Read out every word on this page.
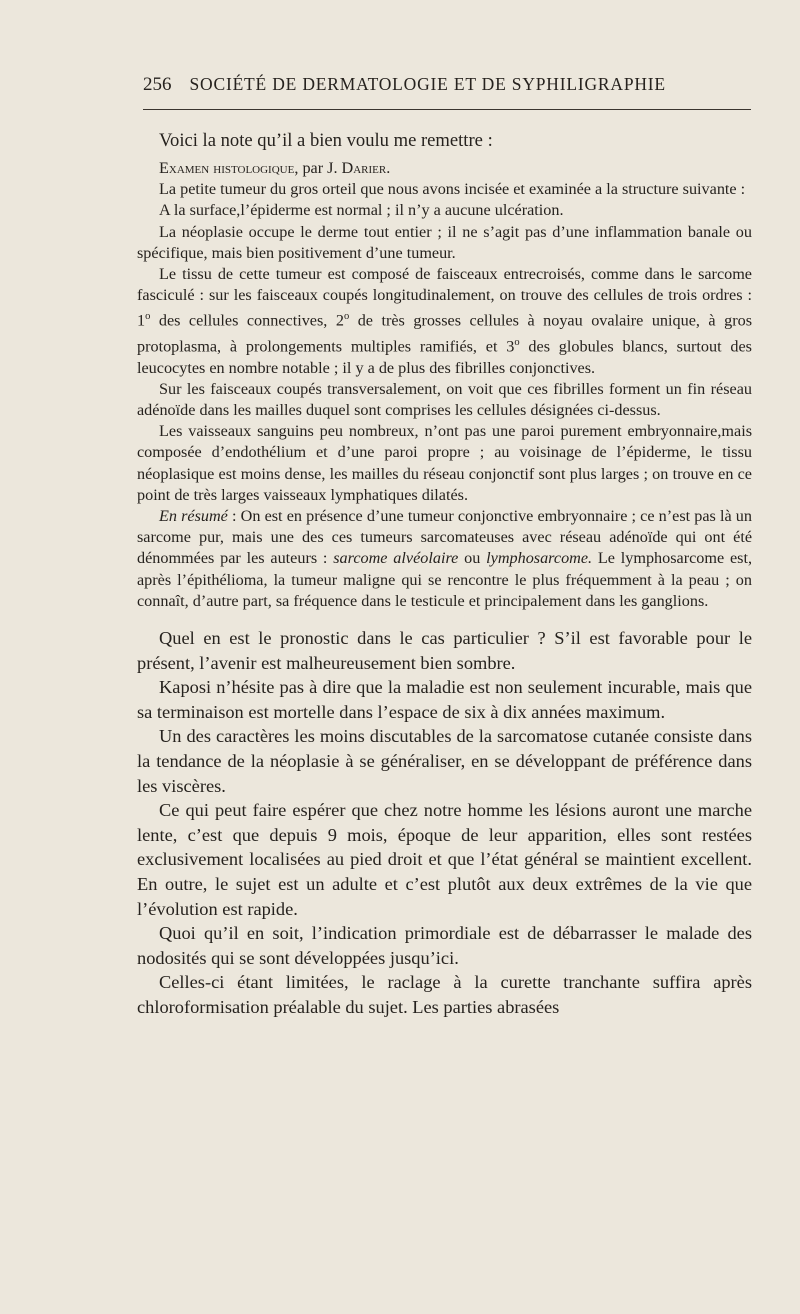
256 SOCIÉTÉ DE DERMATOLOGIE ET DE SYPHILIGRAPHIE

Voici la note qu’il a bien voulu me remettre :

Examen histologique, par J. Darier.

La petite tumeur du gros orteil que nous avons incisée et examinée a la structure suivante :

A la surface,l’épiderme est normal ; il n’y a aucune ulcération.

La néoplasie occupe le derme tout entier ; il ne s’agit pas d’une inflammation banale ou spécifique, mais bien positivement d’une tumeur.

Le tissu de cette tumeur est composé de faisceaux entrecroisés, comme dans le sarcome fasciculé : sur les faisceaux coupés longitudinalement, on trouve des cellules de trois ordres : 1$^o$ des cellules connectives, 2$^o$ de très grosses cellules à noyau ovalaire unique, à gros protoplasma, à prolongements multiples ramifiés, et 3$^o$ des globules blancs, surtout des leucocytes en nombre notable ; il y a de plus des fibrilles conjonctives.

Sur les faisceaux coupés transversalement, on voit que ces fibrilles forment un fin réseau adénoïde dans les mailles duquel sont comprises les cellules désignées ci-dessus.

Les vaisseaux sanguins peu nombreux, n’ont pas une paroi purement embryonnaire,mais composée d’endothélium et d’une paroi propre ; au voisinage de l’épiderme, le tissu néoplasique est moins dense, les mailles du réseau conjonctif sont plus larges ; on trouve en ce point de très larges vaisseaux lymphatiques dilatés.

En résumé : On est en présence d’une tumeur conjonctive embryonnaire ; ce n’est pas là un sarcome pur, mais une des ces tumeurs sarcomateuses avec réseau adénoïde qui ont été dénommées par les auteurs : sarcome alvéolaire ou lymphosarcome. Le lymphosarcome est, après l’épithélioma, la tumeur maligne qui se rencontre le plus fréquemment à la peau ; on connaît, d’autre part, sa fréquence dans le testicule et principalement dans les ganglions.

Quel en est le pronostic dans le cas particulier ? S’il est favorable pour le présent, l’avenir est malheureusement bien sombre.

Kaposi n’hésite pas à dire que la maladie est non seulement incurable, mais que sa terminaison est mortelle dans l’espace de six à dix années maximum.

Un des caractères les moins discutables de la sarcomatose cutanée consiste dans la tendance de la néoplasie à se généraliser, en se développant de préférence dans les viscères.

Ce qui peut faire espérer que chez notre homme les lésions auront une marche lente, c’est que depuis 9 mois, époque de leur apparition, elles sont restées exclusivement localisées au pied droit et que l’état général se maintient excellent. En outre, le sujet est un adulte et c’est plutôt aux deux extrêmes de la vie que l’évolution est rapide.

Quoi qu’il en soit, l’indication primordiale est de débarrasser le malade des nodosités qui se sont développées jusqu’ici.

Celles-ci étant limitées, le raclage à la curette tranchante suffira après chloroformisation préalable du sujet. Les parties abrasées
